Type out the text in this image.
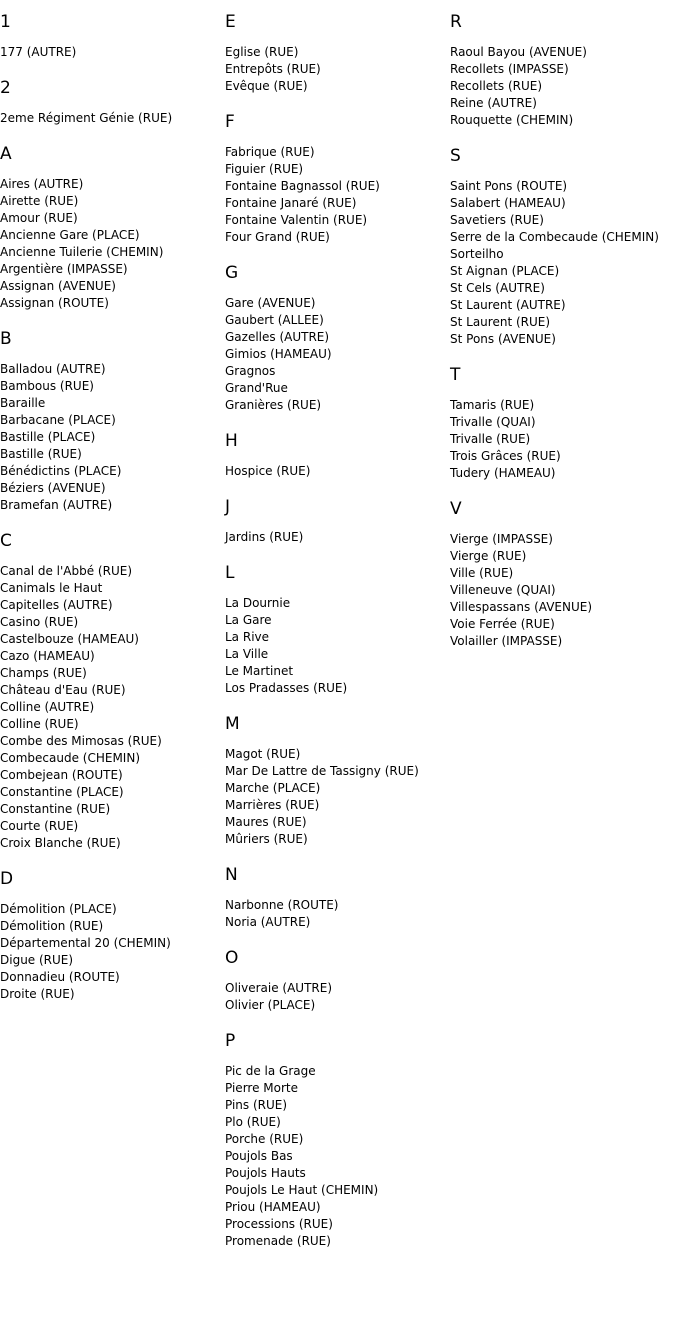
1
177 (AUTRE)
2
2eme Régiment Génie (RUE)
A
Aires (AUTRE)
Airette (RUE)
Amour (RUE)
Ancienne Gare (PLACE)
Ancienne Tuilerie (CHEMIN)
Argentière (IMPASSE)
Assignan (AVENUE)
Assignan (ROUTE)
B
Balladou (AUTRE)
Bambous (RUE)
Baraille
Barbacane (PLACE)
Bastille (PLACE)
Bastille (RUE)
Bénédictins (PLACE)
Béziers (AVENUE)
Bramefan (AUTRE)
C
Canal de l'Abbé (RUE)
Canimals le Haut
Capitelles (AUTRE)
Casino (RUE)
Castelbouze (HAMEAU)
Cazo (HAMEAU)
Champs (RUE)
Château d'Eau (RUE)
Colline (AUTRE)
Colline (RUE)
Combe des Mimosas (RUE)
Combecaude (CHEMIN)
Combejean (ROUTE)
Constantine (PLACE)
Constantine (RUE)
Courte (RUE)
Croix Blanche (RUE)
D
Démolition (PLACE)
Démolition (RUE)
Départemental 20 (CHEMIN)
Digue (RUE)
Donnadieu (ROUTE)
Droite (RUE)
E
Eglise (RUE)
Entrepôts (RUE)
Evêque (RUE)
F
Fabrique (RUE)
Figuier (RUE)
Fontaine Bagnassol (RUE)
Fontaine Janaré (RUE)
Fontaine Valentin (RUE)
Four Grand (RUE)
G
Gare (AVENUE)
Gaubert (ALLEE)
Gazelles (AUTRE)
Gimios (HAMEAU)
Gragnos
Grand'Rue
Granières (RUE)
H
Hospice (RUE)
J
Jardins (RUE)
L
La Dournie
La Gare
La Rive
La Ville
Le Martinet
Los Pradasses (RUE)
M
Magot (RUE)
Mar De Lattre de Tassigny (RUE)
Marche (PLACE)
Marrières (RUE)
Maures (RUE)
Mûriers (RUE)
N
Narbonne (ROUTE)
Noria (AUTRE)
O
Oliveraie (AUTRE)
Olivier (PLACE)
P
Pic de la Grage
Pierre Morte
Pins (RUE)
Plo (RUE)
Porche (RUE)
Poujols Bas
Poujols Hauts
Poujols Le Haut (CHEMIN)
Priou (HAMEAU)
Processions (RUE)
Promenade (RUE)
R
Raoul Bayou (AVENUE)
Recollets (IMPASSE)
Recollets (RUE)
Reine (AUTRE)
Rouquette (CHEMIN)
S
Saint Pons (ROUTE)
Salabert (HAMEAU)
Savetiers (RUE)
Serre de la Combecaude (CHEMIN)
Sorteilho
St Aignan (PLACE)
St Cels (AUTRE)
St Laurent (AUTRE)
St Laurent (RUE)
St Pons (AVENUE)
T
Tamaris (RUE)
Trivalle (QUAI)
Trivalle (RUE)
Trois Grâces (RUE)
Tudery (HAMEAU)
V
Vierge (IMPASSE)
Vierge (RUE)
Ville (RUE)
Villeneuve (QUAI)
Villespassans (AVENUE)
Voie Ferrée (RUE)
Volailler (IMPASSE)
